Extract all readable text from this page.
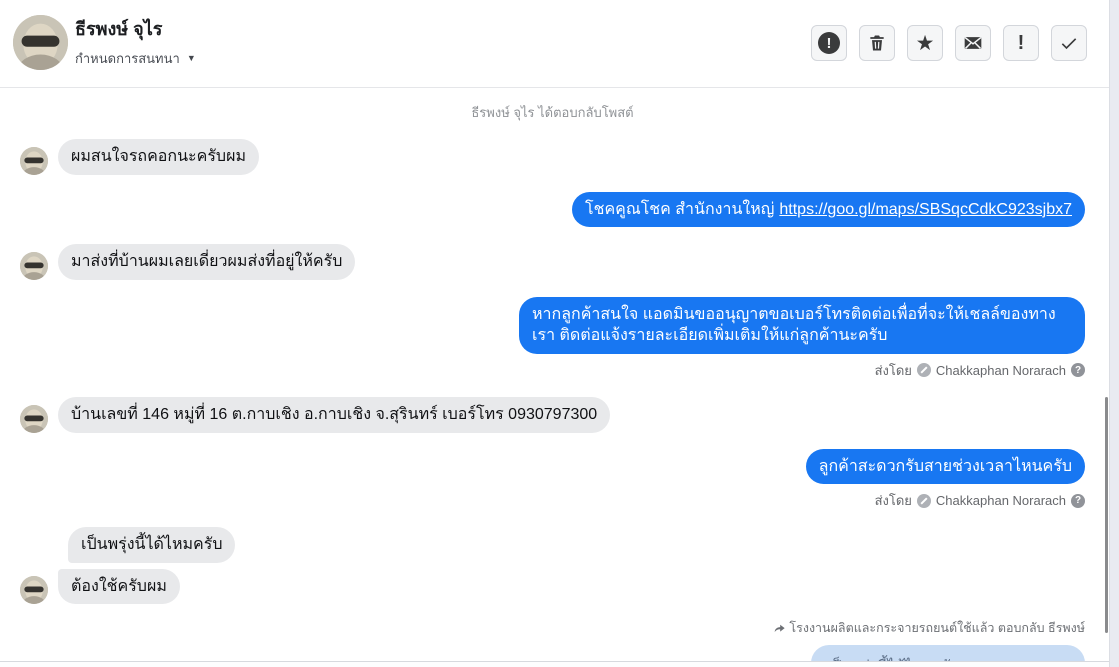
ธีรพงษ์ จุไร
กำหนดการสนทนา ▼
!	★	!
ธีรพงษ์ จุไร ได้ตอบกลับโพสต์
ผมสนใจรถคอกนะครับผม
โชคคูณโชค สำนักงานใหญ่ https://goo.gl/maps/SBSqcCdkC923sjbx7
มาส่งที่บ้านผมเลยเดี่ยวผมส่งที่อยู่ให้ครับ
หากลูกค้าสนใจ แอดมินขออนุญาตขอเบอร์โทรติดต่อเพื่อที่จะให้เชลล์ของทางเรา ติดต่อแจ้งรายละเอียดเพิ่มเติมให้แก่ลูกค้านะครับ
ส่งโดย Chakkaphan Norarach ?
บ้านเลขที่ 146 หมู่ที่ 16 ต.กาบเชิง อ.กาบเชิง จ.สุรินทร์ เบอร์โทร 0930797300
ลูกค้าสะดวกรับสายช่วงเวลาไหนครับ
ส่งโดย Chakkaphan Norarach ?
เป็นพรุ่งนี้ได้ไหมครับ
ต้องใช้ครับผม
โรงงานผลิตและกระจายรถยนต์ใช้แล้ว ตอบกลับ ธีรพงษ์
